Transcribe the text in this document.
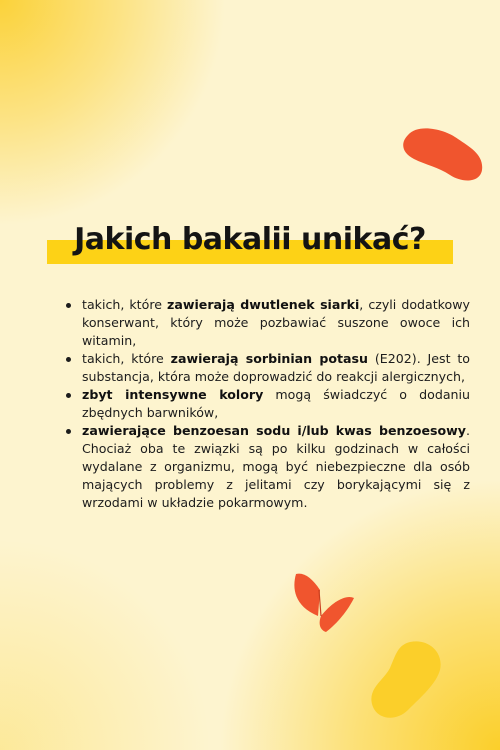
Jakich bakalii unikać?
takich, które zawierają dwutlenek siarki, czyli dodatkowy konserwant, który może pozbawiać suszone owoce ich witamin,
takich, które zawierają sorbinian potasu (E202). Jest to substancja, która może doprowadzić do reakcji alergicznych,
zbyt intensywne kolory mogą świadczyć o dodaniu zbędnych barwników,
zawierające benzoesan sodu i/lub kwas benzoesowy. Chociaż oba te związki są po kilku godzinach w całości wydalane z organizmu, mogą być niebezpieczne dla osób mających problemy z jelitami czy borykającymi się z wrzodami w układzie pokarmowym.
